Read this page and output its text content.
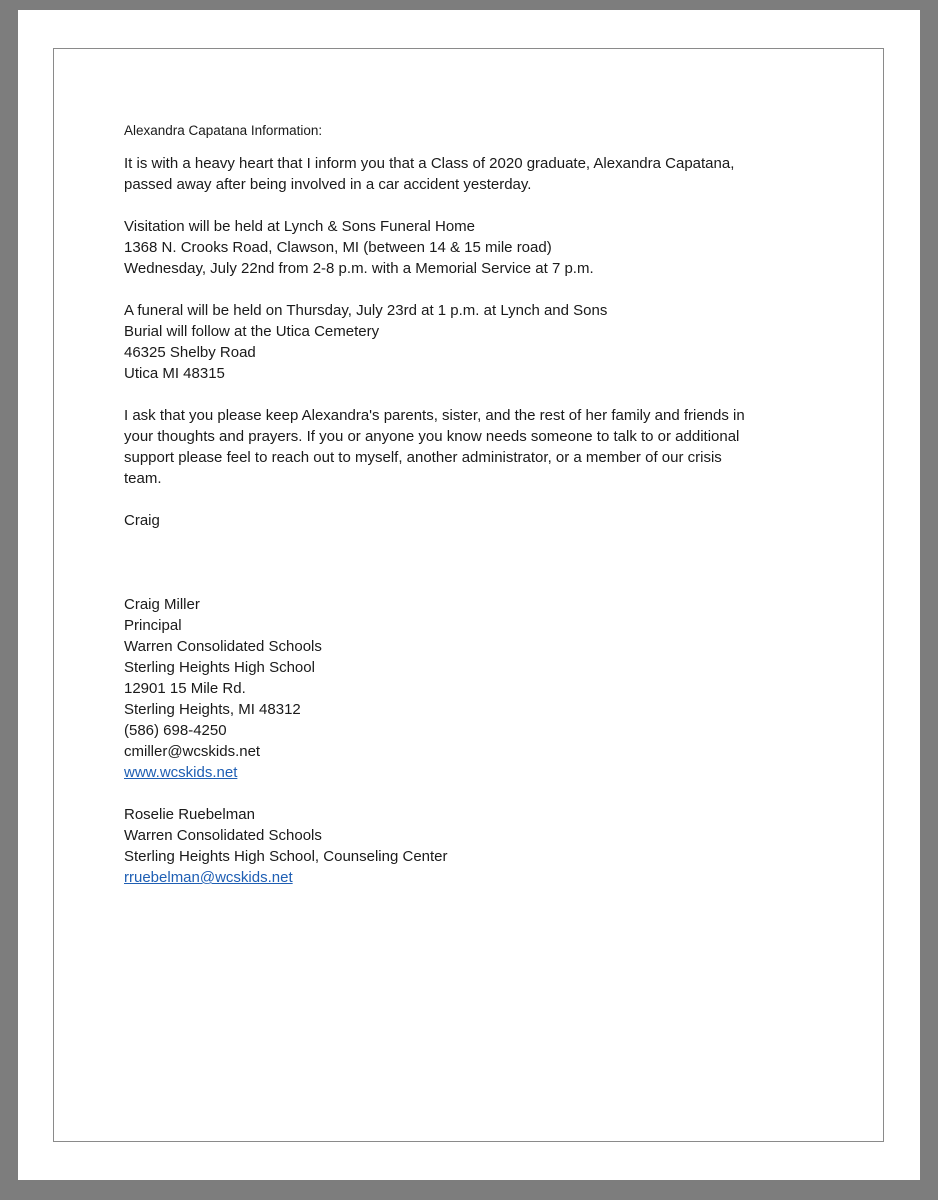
Alexandra Capatana Information:
It is with a heavy heart that I inform you that a Class of 2020 graduate, Alexandra Capatana,
passed away after being involved in a car accident yesterday.
Visitation will be held at Lynch & Sons Funeral Home
1368 N. Crooks Road, Clawson, MI (between 14 & 15 mile road)
Wednesday, July 22nd from 2-8 p.m. with a Memorial Service at 7 p.m.
A funeral will be held on Thursday, July 23rd at 1 p.m. at Lynch and Sons
Burial will follow at the Utica Cemetery
46325 Shelby Road
Utica MI 48315
I ask that you please keep Alexandra's parents, sister, and the rest of her family and friends in
your thoughts and prayers. If you or anyone you know needs someone to talk to or additional
support please feel to reach out to myself, another administrator, or a member of our crisis
team.
Craig
Craig Miller
Principal
Warren Consolidated Schools
Sterling Heights High School
12901 15 Mile Rd.
Sterling Heights, MI 48312
(586) 698-4250
cmiller@wcskids.net
www.wcskids.net
Roselie Ruebelman
Warren Consolidated Schools
Sterling Heights High School, Counseling Center
rruebelman@wcskids.net
